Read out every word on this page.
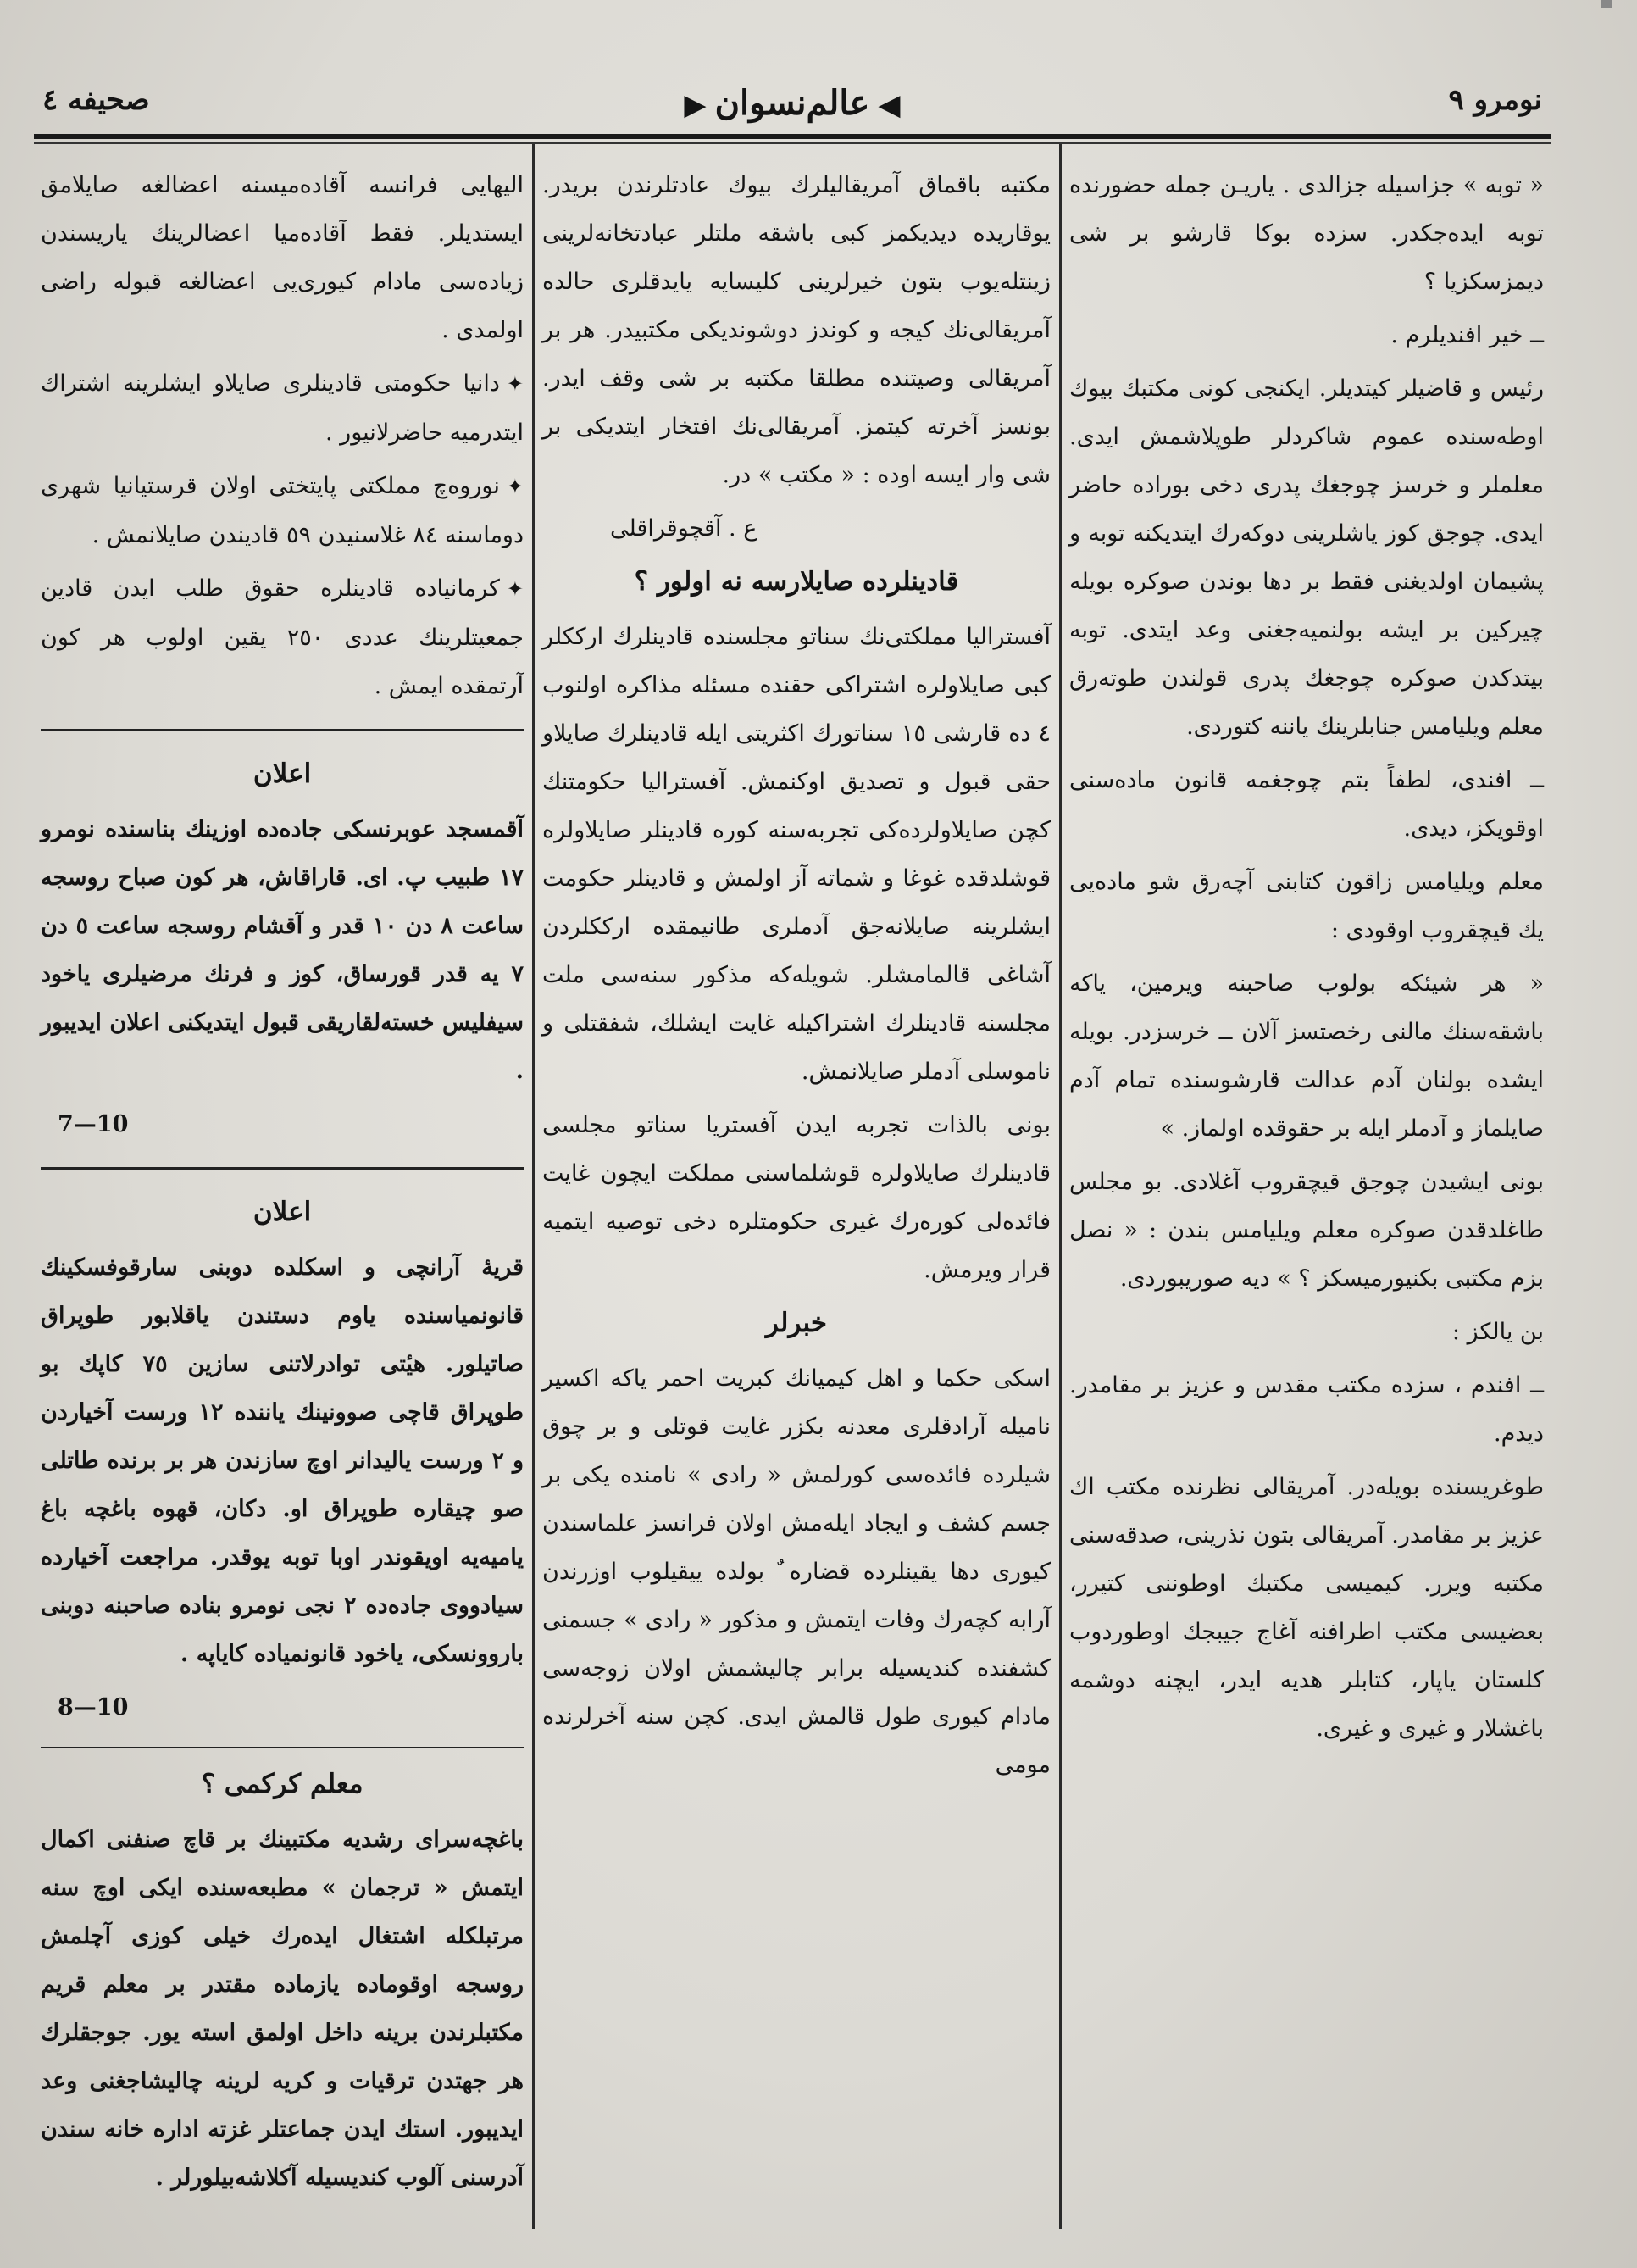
نومرو ۹
◀عالم‌نسوان▶
صحیفه ٤

« توبه » جزاسیله جزالدی . یاریـن جمله حضورنده توبه ایده‌جکدر. سزده بوکا قارشو بر شی دیمزسکزیا ؟

ــ خیر افندیلرم .

رئیس و قاضیلر کیتدیلر. ایکنجی کونی مکتبك بیوك اوطه‌سنده عموم شاکردلر طوپلاشمش ایدی. معلملر و خرسز چوجغك پدری دخی بورادە حاضر ایدی. چوجق کوز یاشلرینی دوکه‌رك ایتدیکنه توبه و پشیمان اولدیغنی فقط بر دها بوندن صوکره بویله چیرکین بر ایشه بولنمیه‌جغنی وعد ایتدی. توبه بیتدکدن صوکره چوجغك پدری قولندن طوته‌رق معلم ویلیامس جنابلرینك یاننه کتوردی.

ــ افندی، لطفاً بتم چوجغمه قانون ماده‌سنی اوقویکز، دیدی.

معلم ویلیامس زاقون کتابنی آچه‌رق شو ماده‌یی یك قیچقروب اوقودی :

« هر شیئکه بولوب صاحبنه ویرمین، یاکه باشقه‌سنك مالنی رخصتسز آلان ــ خرسزدر. بویله ایشده بولنان آدم عدالت قارشوسنده تمام آدم صایلماز و آدملر ایله بر حقوقده اولماز. »

بونی ایشیدن چوجق قیچقروب آغلادی. بو مجلس طاغلدقدن صوکره معلم ویلیامس بندن : « نصل بزم مکتبی بکنیورمیسکز ؟ » دیه صوریبوردی.

بن یالکز :

ــ افندم ، سزده مکتب مقدس و عزیز بر مقامدر. دیدم.

طوغریسنده بویله‌در. آمریقالی نظرنده مکتب اك عزیز بر مقامدر. آمریقالی بتون نذرینی، صدقه‌سنی مکتبه ویرر. کیمیسی مکتبك اوطوننی کتیرر، بعضیسی مکتب اطرافنه آغاج جیبجك اوطوردوب کلستان یاپار، کتابلر هدیه ایدر، ایچنه دوشمه باغشلار و غیری و غیری.

مکتبه باقماق آمریقالیلرك بیوك عادتلرندن بریدر. یوقاریده دیدیکمز کبی باشقه ملتلر عبادتخانه‌لرینی زینتله‌یوب بتون خیرلرینی کلیسایه یایدقلری حالده آمریقالی‌نك کیجه و کوندز دوشوندیکی مکتبیدر. هر بر آمریقالی وصیتنده مطلقا مکتبه بر شی وقف ایدر. بونسز آخرته کیتمز. آمریقالی‌نك افتخار ایتدیکی بر شی وار ایسه اوده : « مکتب » در.

ع . آقچوقراقلی

قادینلرده صایلارسه نه اولور ؟

آفستراليا مملکتی‌نك سناتو مجلسنده قادینلرك ارککلر کبی صایلاولره اشتراکی حقنده مسئله مذاکره اولنوب ٤ ده قارشی ١٥ سناتورك اکثریتی ایله قادینلرك صایلاو حقی قبول و تصدیق اوکنمش. آفستراليا حکومتنك کچن صایلاولرده‌کی تجربه‌سنه کوره قادینلر صایلاولره قوشلدقده غوغا و شماته آز اولمش و قادینلر حکومت ایشلرینه صایلانه‌جق آدملری طانیمقده ارککلردن آشاغی قالمامشلر. شویله‌که مذکور سنه‌سی ملت مجلسنه قادینلرك اشتراکیله غایت ایشلك، شفقتلی و ناموسلی آدملر صایلانمش.

بونی بالذات تجربه ایدن آفستريا سناتو مجلسی قادینلرك صایلاولره قوشلماسنی مملکت ایچون غایت فائده‌لی کوره‌رك غیری حکومتلره دخی توصیه ایتمیه قرار ویرمش.

خبرلر

اسکی حکما و اهل کیمیانك کبریت احمر یاکه اکسیر نامیله آرادقلری معدنه بکزر غایت قوتلی و بر چوق شیلرده فائده‌سی کورلمش « رادی » نامنده یکی بر جسم کشف و ایجاد ایلەمش اولان فرانسز علماسندن کیوری دها یقینلرده قضاره ٌ بولده ییقیلوب اوزرندن آرابه کچه‌رك وفات ایتمش و مذکور « رادی » جسمنی کشفنده کندیسیله برابر چالیشمش اولان زوجه‌سی مادام کیوری طول قالمش ایدی. کچن سنه آخرلرنده مومی

الیهایی فرانسه آقاده‌میسنه اعضالغه صایلامق ایستدیلر. فقط آقاده‌میا اعضالرینك یاریسندن زیاده‌سی مادام کیوری‌یی اعضالغه قبوله راضی اولمدی .

✦دانیا حکومتی قادینلری صایلاو ایشلرینه اشتراك ایتدرمیه حاضرلانیور .

✦نوروەچ مملکتی پایتختی اولان قرستيانیا شهری دوماسنه ٨٤ غلاسنیدن ٥٩ قادیندن صایلانمش .

✦کرمانیاده قادینلره حقوق طلب ایدن قادین جمعیتلرینك عددی ٢٥٠ یقین اولوب هر کون آرتمقده ایمش .

اعلان

آقمسجد عوبرنسکی جادەده اوزینك بناسنده نومرو ١٧ طبیب پ. ای. قاراقاش، هر کون صباح روسجه ساعت ٨ دن ١٠ قدر و آقشام روسجه ساعت ٥ دن ٧ یه قدر قورساق، کوز و فرنك مرضیلری یاخود سیفلیس خسته‌لقاریقی قبول ایتدیکنی اعلان ایدیبور .

7—10

اعلان

قریهٔ آرانچی و اسکلده دوبنی سارقوفسکینك قانونمیاسنده یاوم دستندن یاقلابور طوپراق صاتیلور. هیٔتی‌ توادرلاتنی سازین ٧٥ کاپك بو طوپراق قاچی صوونینك یاننده ١٢ ورست آخیاردن و ٢ ورست یالیدانر اوچ سازندن هر بر برنده طاتلی صو چیقاره طوپراق او. دکان، قهوه باغچه باغ یامیه‌یه اویقوندر اوبا توبه یوقدر. مراجعت آخیارده سیادووی جاده‌ده ٢ نجی نومرو بناده صاحبنه دوبنی باروونسکی، یاخود قانونمیاده کایاپه .

8—10

معلم کرکمی ؟

باغچه‌سرای رشدیه مکتبینك بر قاچ صنفنی اکمال ایتمش « ترجمان » مطبعه‌سنده ایکی اوچ سنه مرتبلکله اشتغال ایده‌رك خیلی کوزی آچلمش روسجه اوقوماده یازماده مقتدر بر معلم قریم مکتبلرندن برینه داخل اولمق استه یور. جوجقلرك هر جهتدن ترقیات و کریه لرینه چالیشاجغنی وعد ایدیبور. استك ایدن جماعتلر غزته اداره خانه سندن آدرسنی آلوب کندیسیله آکلاشه‌بیلورلر .
